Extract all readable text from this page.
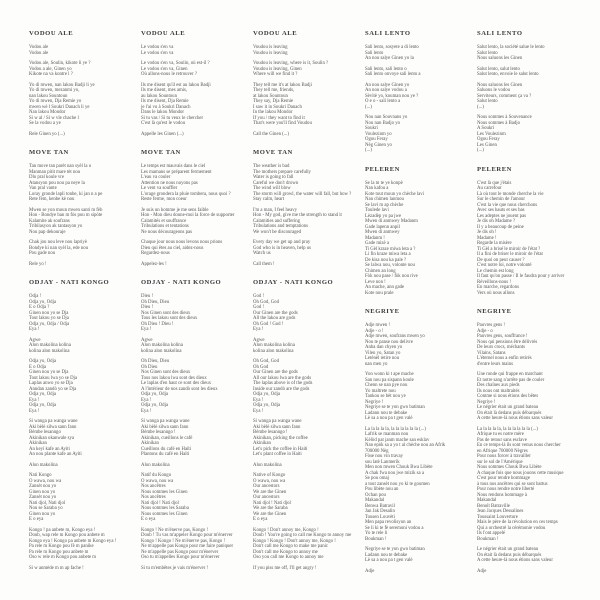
VODOU ALE
Vodou ale
Vodou ale
Vodou ale, Soulin, kikote li ye ?
Vodou a ale, Ginen yo
Kikote na va kontre l ?
Yo di mwen, nan lakou Badji li ye
Yo di mwen, mezanmi yo,
nan lakou Sountoun
Yo di mwen, Dja Remie yo
mwen wè l Soukri Danach li ye
Nan lakou Mondor
Si w al / Si w vle chache l
Se la vodou a ye
Rele Ginen yo (...)
MOVE TAN
Tan move tan parèt nan syèl la o
Manman pitit mare tèt nou
Dlo pral koule vre
Atansyon pou nou pa neye la
Van pral vante
Loray gronde lapli tonbe, ki jan n a pe
Rete fèm, kenbe kè nou
Mwen se yon moun mwen santi m fèb
Hon - Bondye ban m fòs pou m sipòte
Kalamite ak soufrans
Tribilasyon ak tantasyon yo
Nou pap dekouraje
Chak jou nou leve nou lapriyè
Bondye ki nan syèl la, ede nou
Pou gade nou
Rele yo !
ODJAY - NATI KONGO
Odja !
Odja yo, Odja
E o Odja ?
Ginen nou yo se Dja
Tout lakou yo se Dja
Odja yo, Odja / Odja
Eya !
Agwe
Alon makolina kolina
kolina alon makolina
Odja yo, Odja
E o Odja
Ginen nou yo se Dja
Tout lakou lwa yo se Dja
Laplas anwo yo se Dja
Anndan zandò yo se Dja
Odja yo, Odja
Eya !
Odja yo, Odja
Eya !
Si wanga pa wanga wane
Aki bèlè silwa sann fann
Bèmbe lesanngo
Akinikan okanwale sya
Akinikan
An keyi kafe an Ayiti
An nou plante kafe an Ayiti
Alon makolina
Nati Kongo
O wawa, nou wa
Zansèt nou yo
Ginen nou yo
Zansèt nou yo
Nati djol, Nati djol
Nou se Saraba yo
Ginen nou yo
E o eya
Kongo ! pa anbete m, Kongo eya !
Doub, wap rele m Kongo pou anbete m
Kongo eya ! Kongo pa anbete m Kongo eya !
Pa rele m Kongo pou fè m panike
Pa rele m Kongo pou anbete m
Oso w rele m Kongo pou anbete m
Si w anmède m m ap fache !
VODOU ALE
Le vodou s'en va
Le vodou s'en va
Le vodou s'en va, Soulin, où est-il ?
Le vodou s'en va, Ginen
Où allons-nous le retrouver ?
Ils me disent qu'il est au lakou Badji
Ils me disent, mes amis,
au lakou Sountoun
Ils me disent, Dja Remie
je l'ai vu à Soukri Danach
Dans le lakou Mondor
Si tu vas / Si tu veux le chercher
C'est là qu'est le vodou
Appelle les Ginen (...)
MOVE TAN
Le temps est mauvais dans le ciel
Les mamans se préparent fermement
L'eau va couler
Attention ne nous noyons pas
Le vent va souffler
L'orage grondera la pluie tombera, nous quoi ?
Reste ferme, mon coeur
Je suis un homme je me sens faible
Hon - Mon dieu donne-moi la force de supporter
Calamités et souffrance
Tribulations et tentations
Ne nous décourageons pas
Chaque jour nous nous levons nous prions
Dieu qui êtes au ciel, aidez-nous
Regardez-nous
Appelez-les !
ODJAY - NATI KONGO
Dieu !
Oh Dieu, Dieu
Dieu !
Nos Ginen sont des dieux
Tous les lakou sont des dieux
Oh Dieu ! Dieu !
Eya !
Agwe
Alon makolina kolina
kolina alon makolina
Oh Dieu, Dieu
Oh Dieu
Nos Ginen sont des dieux
Tous nos lakou lwa sont des dieux
Le laplas d'en haut ce sont des dieux
A l'intérieur de nos zandò sont les dieux
Odja yo, Odja
Eya !
Odja yo, Odja
Eya !
Si wanga pa wanga wane
Aki bèlè silwa sann fann
Bèmbe lesanngo !
Akinikan, cueillons le café
Akinikan
Cueillons du café en Haïti
Plantons du café en Haïti
Alon makolina
Natif du Kongo
O wawa, nou wa
Nos ancêtres
Nous sommes les Ginen
Nos ancêtres
Nati djol ! Nati djol
Nous sommes les Saraba
Nous sommes les Ginen
E o eya
Kongo ! Ne m'énerve pas, Kongo !
Doub ! Tu vas m'appeler Kongo pour m'énerver
Kongo ! Kongo ! Ne m'énerve pas, Kongo !
Ne m'appelle pas Kongo pour me faire paniquer
Ne m'appelle pas Kongo pour m'énerver
Oso tu m'appelles Kongo pour m'énerver
Si tu m'embêtes je vais m'énerver !
VODOU ALE
Voudou is leaving
Voudou is leaving
Voudou is leaving, where is it, Soulin ?
Voudou is leaving, Ginen
Where will we find it ?
They tell me it's at lakou Badji
They tell me, friends,
at lakou Sountoun
They say, Dja Remie
I saw it in Soukri Danach
In the lakou Mondor
If you / they want to find it
That's were you'll find Voudou
Call the Ginen (...)
MOVE TAN
The weather is bad
The mothers prepare carefully
Water is going to fall
Careful we don't drown
The wind will blow
The storm will growl, the water will fall, but how ?
Stay calm, heart
I'm a man, I feel heavy
Hon - My god, give me the strength to stand it
Calamities and suffering
Tribulations and temptations
We won't be discouraged
Every day we get up and pray
God who is in heaven, help us
Watch us
Call them !
ODJAY - NATI KONGO
God !
Oh God, God
God !
Our Ginen are the gods
All the lakou are gods
Oh God ! God !
Eya !
Agwe
Alon makolina kolina
kolina alon makolina
Oh God, God
Oh God
Our Ginen are the gods
All our lakou lwa are the gods
The laplas above is of the gods
Inside our zandò are the gods
Odja yo, Odja
Eya !
Odja yo, Odja
Eya !
Si wanga pa wanga wane
Aki bèlè silwa sann fann
Bèmbe lesanngo !
Akinikan, picking the coffee
Akinikan
Let's pick the coffee in Haiti
Let's plant coffee in Haiti
Alon makolina
Native of Kongo
O wawa, nou wa
Our ancestors
We are the Ginen
Our ancestors
Nati djol ! Nati djol
We are the Saraba
We are the Ginen
E o eya
Kongo ! Don't annoy me, Kongo !
Doub ! You're going to call me Kongo to annoy me
Kongo ! Kongo ! Don't annoy me, Kongo !
Don't call me Kongo to make me panic
Don't call me Kongo to annoy me
Oso you call me Kongo to annoy me
If you piss me off, I'll get angry !
SALI LENTO
Sali lento, sosyete a di lento
Sali lento
An nou salye Ginen yo la
Sali lento, sali lento o
Sali lento onvoye sali lento a
An nou salye Ginen yo
An nou salye vodou a
Sèvitè yo, kouman nou ye ?
O e o - sali lento a
(...)
Nou nan Souvnans yo
Nou nan Badjo yo
Soukri
Voulezinm yo
Ogou Feray
Nèg Ginen yo
(...)
PELEREN
Se la m te ye konpè
Nan kafou a
Kote tout moun yo chèche lavi
Nan chimen lanmou
Se lavi m ap chèche
Toulede lavi
Lèzadèp yo pa jwe
Mwen di anmwey Madanm
Gade lapenn anpil
Mwen di anmwey
Madanm !
Gade mizè a
Ti Gèl kraze miwa leta a ?
Li fin kraze miwa leta a
De kisa nou ka pale ?
Se lalwa nou, volonte nou
Chimen an long
Fòk nou pase / fòk nou rive
Leve non !
An mache, ann gade
Kote nou prale
NEGRIYE
Adje mwen !
Adje - o !
Adje mwen, soufrans mwen yo
Nou te panse nou delivre
Anba dan chyen yo
Vilen yo, Satan yo
Letènèl retire nou
nan men yo
Yon wonn ki t ape mache
San nou pa sispann koule
Chenn se nan pye nou
Yo maltrete nou
Tankou se bèt nou ye
Negriye !
Negriye se te yon gwo batiman
Ladann nou te debake
Lè sa a nou pa t gen valè
La la la la la, la la la la la la (...)
Lafrik se manman nou
Kèlòd pat janm mache san esklav
Nan epòk sa a yo t al chèche nou an Afrik
700000 Nèg
Fòse nou vin travay
sou latè Lanmerik
Men non mwen Chouk Bwa Libète
A chak fwa nou jwe mizik sa a
Se pou omaj
a tout zansèt nou yo ki te goumen
Pou libète nou an
Ochan pou
Makandal
Benwa Batravil
Jan Jak Desalin
Tousen Louvèti
Men papa revolisyon an
Se li ki te fè seremoni vodou a
Yo te rele li
Boukman !
Negriye se te yon gwo batiman
Ladann nou te debake
Lè sa a nou pa t gen valè
Adje
SALI LENTO
Salut lento, la société salue le lento
Salut lento
Nous saluons les Ginen
Salut lento, salut lento
Salut lento, envoie le salut lento
Nous saluons les Ginen
Saluons le vodou
Serviteurs, comment ça va ?
Salut lento
(...)
Nous sommes à Souvenance
Nous sommes à Badjo
A Soukri
Les Voulezinm
Ogou Feray
Les Ginen
(...)
PELEREN
C'est là que j'étais
Au carrefour
Là où tout le monde cherche la vie
Sur le chemin de l'amour
C'est la vie que nous cherchons
Avec ses hauts et ses bas
Les adeptes ne jouent pas
Je dis oh Madame ?
Il y a beaucoup de peine
Je dis oh !
Madame !
Regarde la misère
Ti Gèl a brisé le miroir de l'état ?
Il a fini de briser le miroir de l'état
De quoi on peut causer ?
C'est notre loi, notre volonté
Le chemin est long
Il faut qu'on passe / Il le faudra pour y arriver
Réveillons-nous !
En marche, regardons
Vers où nous allons
NEGRIYE
Pauvres gens !
Adje - o
Pauvres gens, souffrance !
Nous qui pensions être délivrés
De leurs crocs, méchants
Vilains, Satans
L'éternel nous a enfin retirés
d'entre leurs mains
Une ronde qui frappe en marchant
Et notre sang n'arrête pas de couler
Des chaînes aux pieds
Ils nous ont maltraités
Comme si nous étions des bêtes
Negriye !
Le négrier était un grand bateau
On était là dedans puis débarqués
A cette heure-là nous étions sans valeur
La la la la la, la la la la la la (...)
Afrique tu es notre mère
Pas de retour sans esclave
En ce temps-là ils sont venus nous chercher
en Afrique 700000 Nègres
Pour nous forcer à travailler
sur le sol de l'Amérique
Nous sommes Chouk Bwa Libète
A chaque fois que nous jouons cette musique
C'est pour rendre hommage
à tous nos ancêtres qui se sont battus
Pour nous rendre notre liberté
Nous rendons hommage à
Makandal
Benoît Batraville
Jean Jacques Dessalines
Toussaint Louverture
Mais le père de la révolution en ces temps
Qui a orchestré la cérémonie vodou
Ils l'ont appelé
Boukman !
Le négrier était un grand bateau
On était là dedans puis débarqués
A cette heure-là nous étions sans valeur
Adje
